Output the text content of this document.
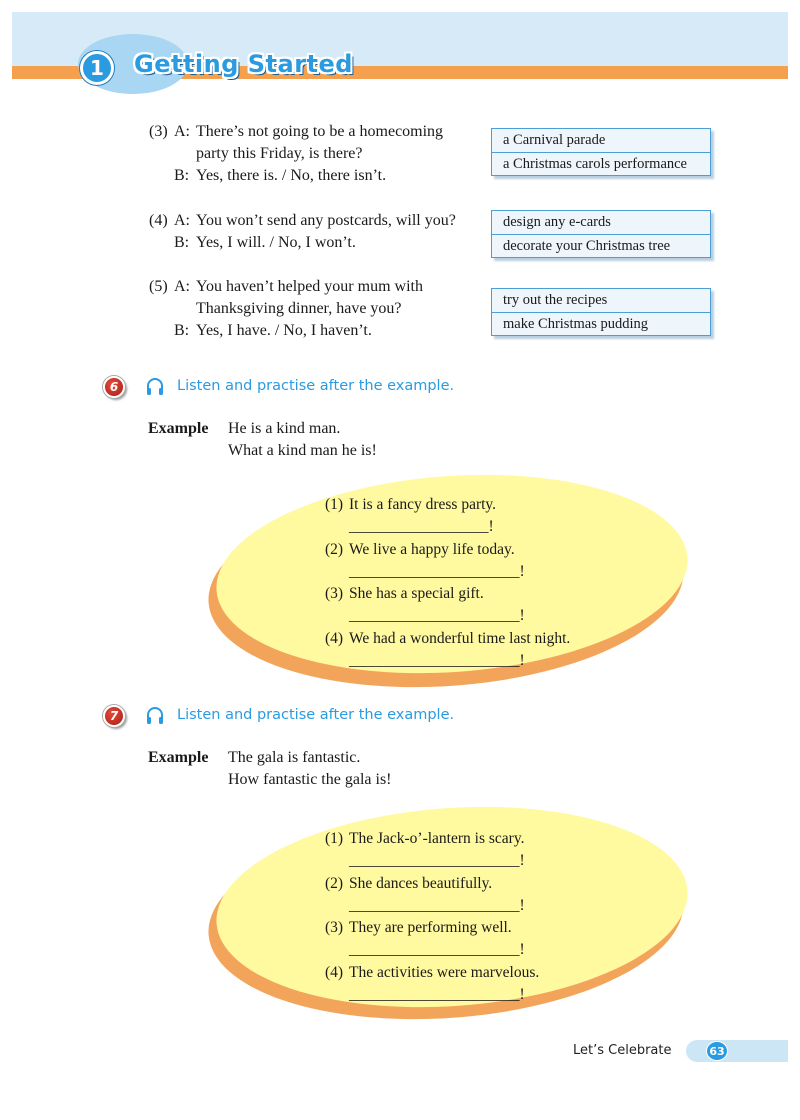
1	Getting Started
(3) A: There’s not going to be a homecoming
party this Friday, is there?
B: Yes, there is. / No, there isn’t.
a Carnival parade
a Christmas carols performance
(4) A: You won’t send any postcards, will you?
B: Yes, I will. / No, I won’t.
design any e-cards
decorate your Christmas tree
(5) A: You haven’t helped your mum with
Thanksgiving dinner, have you?
B: Yes, I have. / No, I haven’t.
try out the recipes
make Christmas pudding
6	Listen and practise after the example.
Example He is a kind man.
What a kind man he is!
(1) It is a fancy dress party.
__________________!
(2) We live a happy life today.
______________________!
(3) She has a special gift.
______________________!
(4) We had a wonderful time last night.
______________________!
7	Listen and practise after the example.
Example The gala is fantastic.
How fantastic the gala is!
(1) The Jack-o’-lantern is scary.
______________________!
(2) She dances beautifully.
______________________!
(3) They are performing well.
______________________!
(4) The activities were marvelous.
______________________!
Let’s Celebrate	63
